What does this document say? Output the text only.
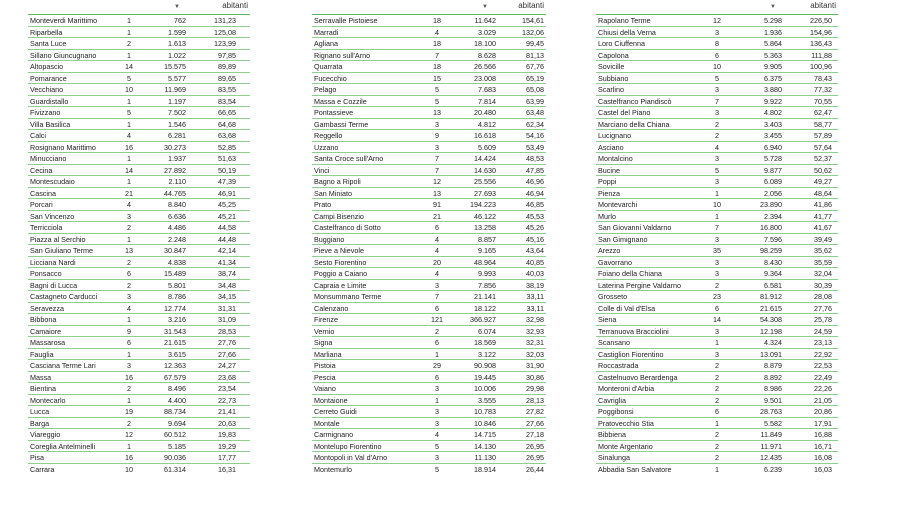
▼	abitanti
Monteverdi Marittimo	1	762	131,23
Riparbella	1	1.599	125,08
Santa Luce	2	1.613	123,99
Sillano Giuncugnano	1	1.022	97,85
Altopascio	14	15.575	89,89
Pomarance	5	5.577	89,65
Vecchiano	10	11.969	83,55
Guardistallo	1	1.197	83,54
Fivizzano	5	7.502	66,65
Villa Basilica	1	1.546	64,68
Calci	4	6.281	63,68
Rosignano Marittimo	16	30.273	52,85
Minucciano	1	1.937	51,63
Cecina	14	27.892	50,19
Montescudaio	1	2.110	47,39
Cascina	21	44.765	46,91
Porcari	4	8.840	45,25
San Vincenzo	3	6.636	45,21
Terricciola	2	4.486	44,58
Piazza al Serchio	1	2.248	44,48
San Giuliano Terme	13	30.847	42,14
Licciana Nardi	2	4.838	41,34
Ponsacco	6	15.489	38,74
Bagni di Lucca	2	5.801	34,48
Castagneto Carducci	3	8.786	34,15
Seravezza	4	12.774	31,31
Bibbona	1	3.216	31,09
Camaiore	9	31.543	28,53
Massarosa	6	21.615	27,76
Fauglia	1	3.615	27,66
Casciana Terme Lari	3	12.363	24,27
Massa	16	67.579	23,68
Bientina	2	8.496	23,54
Montecarlo	1	4.400	22,73
Lucca	19	88.734	21,41
Barga	2	9.694	20,63
Viareggio	12	60.512	19,83
Coreglia Antelminelli	1	5.185	19,29
Pisa	16	90.036	17,77
Carrara	10	61.314	16,31
▼	abitanti
Serravalle Pistoiese	18	11.642	154,61
Marradi	4	3.029	132,06
Agliana	18	18.100	99,45
Rignano sull'Arno	7	8.628	81,13
Quarrata	18	26.566	67,76
Fucecchio	15	23.008	65,19
Pelago	5	7.683	65,08
Massa e Cozzile	5	7.814	63,99
Pontassieve	13	20.480	63,48
Gambassi Terme	3	4.812	62,34
Reggello	9	16.618	54,16
Uzzano	3	5.609	53,49
Santa Croce sull'Arno	7	14.424	48,53
Vinci	7	14.630	47,85
Bagno a Ripoli	12	25.556	46,96
San Miniato	13	27.693	46,94
Prato	91	194.223	46,85
Campi Bisenzio	21	46.122	45,53
Castelfranco di Sotto	6	13.258	45,26
Buggiano	4	8.857	45,16
Pieve a Nievole	4	9.165	43,64
Sesto Fiorentino	20	48.964	40,85
Poggio a Caiano	4	9.993	40,03
Capraia e Limite	3	7.856	38,19
Monsummano Terme	7	21.141	33,11
Calenzano	6	18.122	33,11
Firenze	121	366.927	32,98
Vernio	2	6.074	32,93
Signa	6	18.569	32,31
Marliana	1	3.122	32,03
Pistoia	29	90.908	31,90
Pescia	6	19.445	30,86
Vaiano	3	10.006	29,98
Montaione	1	3.555	28,13
Cerreto Guidi	3	10.783	27,82
Montale	3	10.846	27,66
Carmignano	4	14.715	27,18
Montelupo Fiorentino	5	14.130	26,95
Montopoli in Val d'Arno	3	11.130	26,95
Montemurlo	5	18.914	26,44
▼	abitanti
Rapolano Terme	12	5.298	226,50
Chiusi della Verna	3	1.936	154,96
Loro Ciuffenna	8	5.864	136,43
Capolona	6	5.363	111,88
Sovicille	10	9.905	100,96
Subbiano	5	6.375	78,43
Scarlino	3	3.880	77,32
Castelfranco Piandiscò	7	9.922	70,55
Castel del Piano	3	4.802	62,47
Marciano della Chiana	2	3.403	58,77
Lucignano	2	3.455	57,89
Asciano	4	6.940	57,64
Montalcino	3	5.728	52,37
Bucine	5	9.877	50,62
Poppi	3	6.089	49,27
Pienza	1	2.056	48,64
Montevarchi	10	23.890	41,86
Murlo	1	2.394	41,77
San Giovanni Valdarno	7	16.800	41,67
San Gimignano	3	7.596	39,49
Arezzo	35	98.259	35,62
Gavorrano	3	8.430	35,59
Foiano della Chiana	3	9.364	32,04
Laterina Pergine Valdarno	2	6.581	30,39
Grosseto	23	81.912	28,08
Colle di Val d'Elsa	6	21.615	27,76
Siena	14	54.308	25,78
Terranuova Bracciolini	3	12.198	24,59
Scansano	1	4.324	23,13
Castiglion Fiorentino	3	13.091	22,92
Roccastrada	2	8.879	22,53
Castelnuovo Berardenga	2	8.892	22,49
Monteroni d'Arbia	2	8.986	22,26
Cavriglia	2	9.501	21,05
Poggibonsi	6	28.763	20,86
Pratovecchio Stia	1	5.582	17,91
Bibbiena	2	11.849	16,88
Monte Argentario	2	11.971	16,71
Sinalunga	2	12.435	16,08
Abbadia San Salvatore	1	6.239	16,03
